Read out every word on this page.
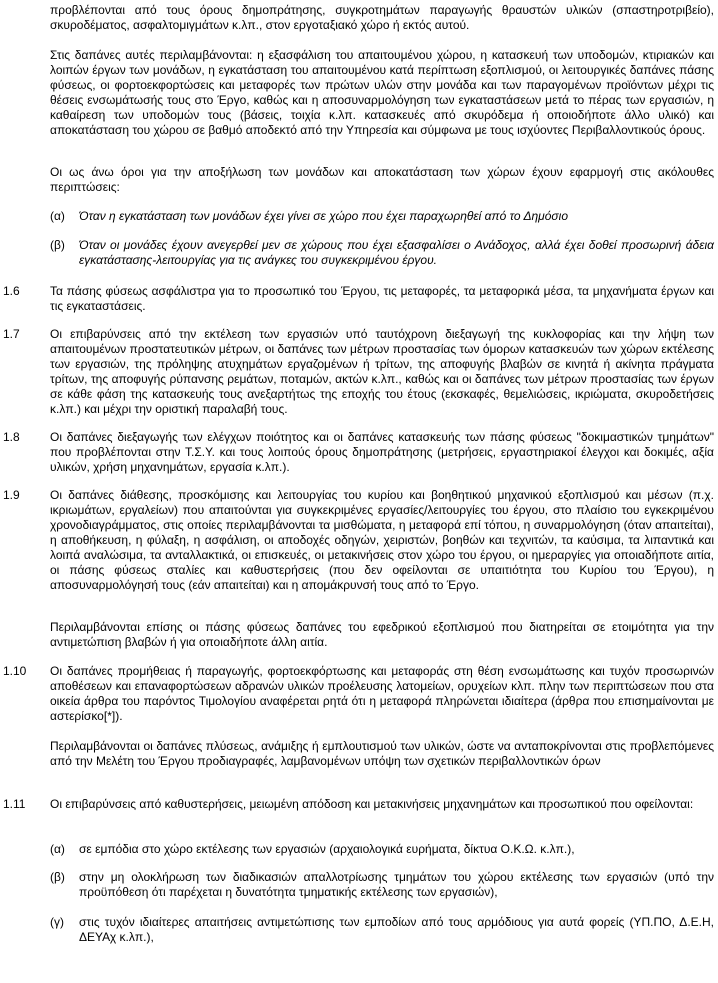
προβλέπονται από τους όρους δημοπράτησης, συγκροτημάτων παραγωγής θραυστών υλικών (σπαστηροτριβείο), σκυροδέματος, ασφαλτομιγμάτων κ.λπ., στον εργοταξιακό χώρο ή εκτός αυτού.

Στις δαπάνες αυτές περιλαμβάνονται: η εξασφάλιση του απαιτουμένου χώρου, η κατασκευή των υποδομών, κτιριακών και λοιπών έργων των μονάδων, η εγκατάσταση του απαιτουμένου κατά περίπτωση εξοπλισμού, οι λειτουργικές δαπάνες πάσης φύσεως, οι φορτοεκφορτώσεις και μεταφορές των πρώτων υλών στην μονάδα και των παραγομένων προϊόντων μέχρι τις θέσεις ενσωμάτωσής τους στο Έργο, καθώς και η αποσυναρμολόγηση των εγκαταστάσεων μετά το πέρας των εργασιών, η καθαίρεση των υποδομών τους (βάσεις, τοιχία κ.λπ. κατασκευές από σκυρόδεμα ή οποιοδήποτε άλλο υλικό) και αποκατάσταση του χώρου σε βαθμό αποδεκτό από την Υπηρεσία και σύμφωνα με τους ισχύοντες Περιβαλλοντικούς όρους.

Οι ως άνω όροι για την αποξήλωση των μονάδων και αποκατάσταση των χώρων έχουν εφαρμογή στις ακόλουθες περιπτώσεις:

(α) Όταν η εγκατάσταση των μονάδων έχει γίνει σε χώρο που έχει παραχωρηθεί από το Δημόσιο

(β) Όταν οι μονάδες έχουν ανεγερθεί μεν σε χώρους που έχει εξασφαλίσει ο Ανάδοχος, αλλά έχει δοθεί προσωρινή άδεια εγκατάστασης-λειτουργίας για τις ανάγκες του συγκεκριμένου έργου.

1.6	Τα πάσης φύσεως ασφάλιστρα για το προσωπικό του Έργου, τις μεταφορές, τα μεταφορικά μέσα, τα μηχανήματα έργων και τις εγκαταστάσεις.

1.7	Οι επιβαρύνσεις από την εκτέλεση των εργασιών υπό ταυτόχρονη διεξαγωγή της κυκλοφορίας και την λήψη των απαιτουμένων προστατευτικών μέτρων, οι δαπάνες των μέτρων προστασίας των όμορων κατασκευών των χώρων εκτέλεσης των εργασιών, της πρόληψης ατυχημάτων εργαζομένων ή τρίτων, της αποφυγής βλαβών σε κινητά ή ακίνητα πράγματα τρίτων, της αποφυγής ρύπανσης ρεμάτων, ποταμών, ακτών κ.λπ., καθώς και οι δαπάνες των μέτρων προστασίας των έργων σε κάθε φάση της κατασκευής τους ανεξαρτήτως της εποχής του έτους (εκσκαφές, θεμελιώσεις, ικριώματα, σκυροδετήσεις κ.λπ.) και μέχρι την οριστική παραλαβή τους.

1.8	Οι δαπάνες διεξαγωγής των ελέγχων ποιότητος και οι δαπάνες κατασκευής των πάσης φύσεως "δοκιμαστικών τμημάτων" που προβλέπονται στην Τ.Σ.Υ. και τους λοιπούς όρους δημοπράτησης (μετρήσεις, εργαστηριακοί έλεγχοι και δοκιμές, αξία υλικών, χρήση μηχανημάτων, εργασία κ.λπ.).

1.9	Οι δαπάνες διάθεσης, προσκόμισης και λειτουργίας του κυρίου και βοηθητικού μηχανικού εξοπλισμού και μέσων (π.χ. ικριωμάτων, εργαλείων) που απαιτούνται για συγκεκριμένες εργασίες/λειτουργίες του έργου, στο πλαίσιο του εγκεκριμένου χρονοδιαγράμματος, στις οποίες περιλαμβάνονται τα μισθώματα, η μεταφορά επί τόπου, η συναρμολόγηση (όταν απαιτείται), η αποθήκευση, η φύλαξη, η ασφάλιση, οι αποδοχές οδηγών, χειριστών, βοηθών και τεχνιτών, τα καύσιμα, τα λιπαντικά και λοιπά αναλώσιμα, τα ανταλλακτικά, οι επισκευές, οι μετακινήσεις στον χώρο του έργου, οι ημεραργίες για οποιαδήποτε αιτία, οι πάσης φύσεως σταλίες και καθυστερήσεις (που δεν οφείλονται σε υπαιτιότητα του Κυρίου του Έργου), η αποσυναρμολόγησή τους (εάν απαιτείται) και η απομάκρυνσή τους από το Έργο.

Περιλαμβάνονται επίσης οι πάσης φύσεως δαπάνες του εφεδρικού εξοπλισμού που διατηρείται σε ετοιμότητα για την αντιμετώπιση βλαβών ή για οποιαδήποτε άλλη αιτία.

1.10 Οι δαπάνες προμήθειας ή παραγωγής, φορτοεκφόρτωσης και μεταφοράς στη θέση ενσωμάτωσης και τυχόν προσωρινών αποθέσεων και επαναφορτώσεων αδρανών υλικών προέλευσης λατομείων, ορυχείων κλπ. πλην των περιπτώσεων που στα οικεία άρθρα του παρόντος Τιμολογίου αναφέρεται ρητά ότι η μεταφορά πληρώνεται ιδιαίτερα (άρθρα που επισημαίνονται με αστερίσκο[*]).

Περιλαμβάνονται οι δαπάνες πλύσεως, ανάμιξης ή εμπλουτισμού των υλικών, ώστε να ανταποκρίνονται στις προβλεπόμενες από την Μελέτη του Έργου προδιαγραφές, λαμβανομένων υπόψη των σχετικών περιβαλλοντικών όρων

1.11 Οι επιβαρύνσεις από καθυστερήσεις, μειωμένη απόδοση και μετακινήσεις μηχανημάτων και προσωπικού που οφείλονται:

(α) σε εμπόδια στο χώρο εκτέλεσης των εργασιών (αρχαιολογικά ευρήματα, δίκτυα Ο.Κ.Ω. κ.λπ.),

(β) στην μη ολοκλήρωση των διαδικασιών απαλλοτρίωσης τμημάτων του χώρου εκτέλεσης των εργασιών (υπό την προϋπόθεση ότι παρέχεται η δυνατότητα τμηματικής εκτέλεσης των εργασιών),

(γ) στις τυχόν ιδιαίτερες απαιτήσεις αντιμετώπισης των εμποδίων από τους αρμόδιους για αυτά φορείς (ΥΠ.ΠΟ, Δ.Ε.Η, ΔΕΥΑχ κ.λπ.),
